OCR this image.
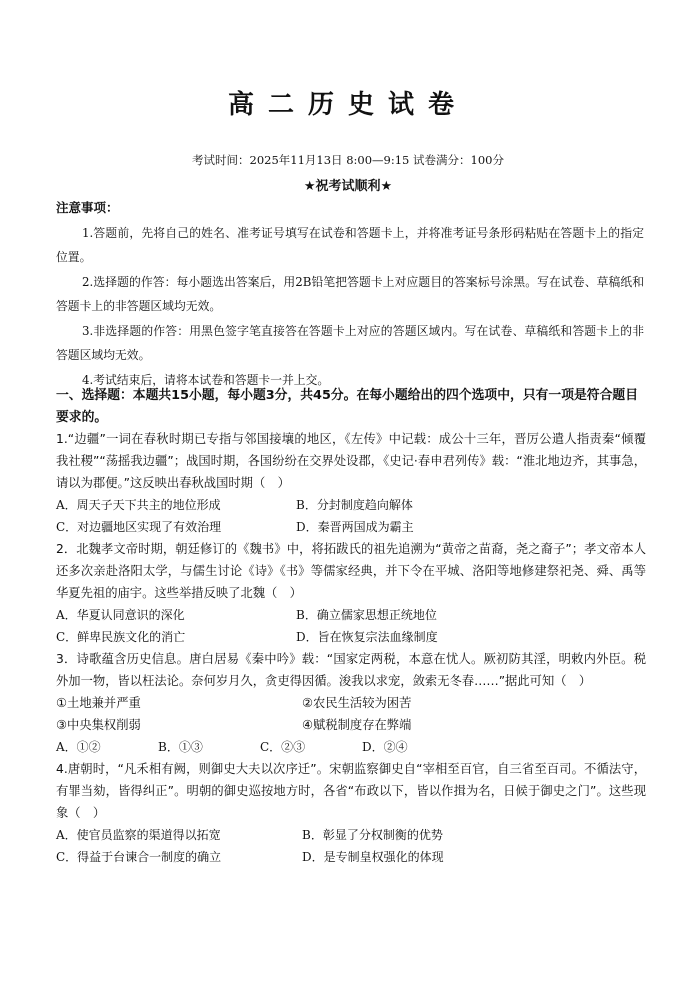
高二历史试卷
考试时间：2025年11月13日 8:00—9:15 试卷满分：100分
★祝考试顺利★
注意事项：

1.答题前，先将自己的姓名、准考证号填写在试卷和答题卡上，并将准考证号条形码粘贴在答题卡上的指定位置。

2.选择题的作答：每小题选出答案后，用2B铅笔把答题卡上对应题目的答案标号涂黑。写在试卷、草稿纸和答题卡上的非答题区域均无效。

3.非选择题的作答：用黑色签字笔直接答在答题卡上对应的答题区域内。写在试卷、草稿纸和答题卡上的非答题区域均无效。

4.考试结束后，请将本试卷和答题卡一并上交。

一、选择题：本题共15小题，每小题3分，共45分。在每小题给出的四个选项中，只有一项是符合题目要求的。

1.“边疆”一词在春秋时期已专指与邻国接壤的地区，《左传》中记载：成公十三年，晋厉公遣人指责秦“倾覆我社稷”“荡摇我边疆”；战国时期，各国纷纷在交界处设郡，《史记·春申君列传》载：“淮北地边齐，其事急，请以为郡便。”这反映出春秋战国时期（　）

A．周天子天下共主的地位形成	B．分封制度趋向解体
C．对边疆地区实现了有效治理	D．秦晋两国成为霸主

2．北魏孝文帝时期，朝廷修订的《魏书》中，将拓跋氏的祖先追溯为“黄帝之苗裔，尧之裔子”；孝文帝本人还多次亲赴洛阳太学，与儒生讨论《诗》《书》等儒家经典，并下令在平城、洛阳等地修建祭祀尧、舜、禹等华夏先祖的庙宇。这些举措反映了北魏（　）

A．华夏认同意识的深化	B．确立儒家思想正统地位
C．鲜卑民族文化的消亡	D．旨在恢复宗法血缘制度

3．诗歌蕴含历史信息。唐白居易《秦中吟》载：“国家定两税，本意在忧人。厥初防其淫，明敕内外臣。税外加一物，皆以枉法论。奈何岁月久，贪吏得因循。浚我以求宠，敛索无冬春……”据此可知（　）

①土地兼并严重	②农民生活较为困苦
③中央集权削弱	④赋税制度存在弊端
A．①②	B．①③	C．②③	D．②④

4.唐朝时，“凡禾相有阙，则御史大夫以次序迁”。宋朝监察御史自“宰相至百官，自三省至百司。不循法守，有罪当劾，皆得纠正”。明朝的御史巡按地方时，各省“布政以下，皆以作揖为名，日候于御史之门”。这些现象（　）

A．使官员监察的渠道得以拓宽	B．彰显了分权制衡的优势
C．得益于台谏合一制度的确立	D．是专制皇权强化的体现
